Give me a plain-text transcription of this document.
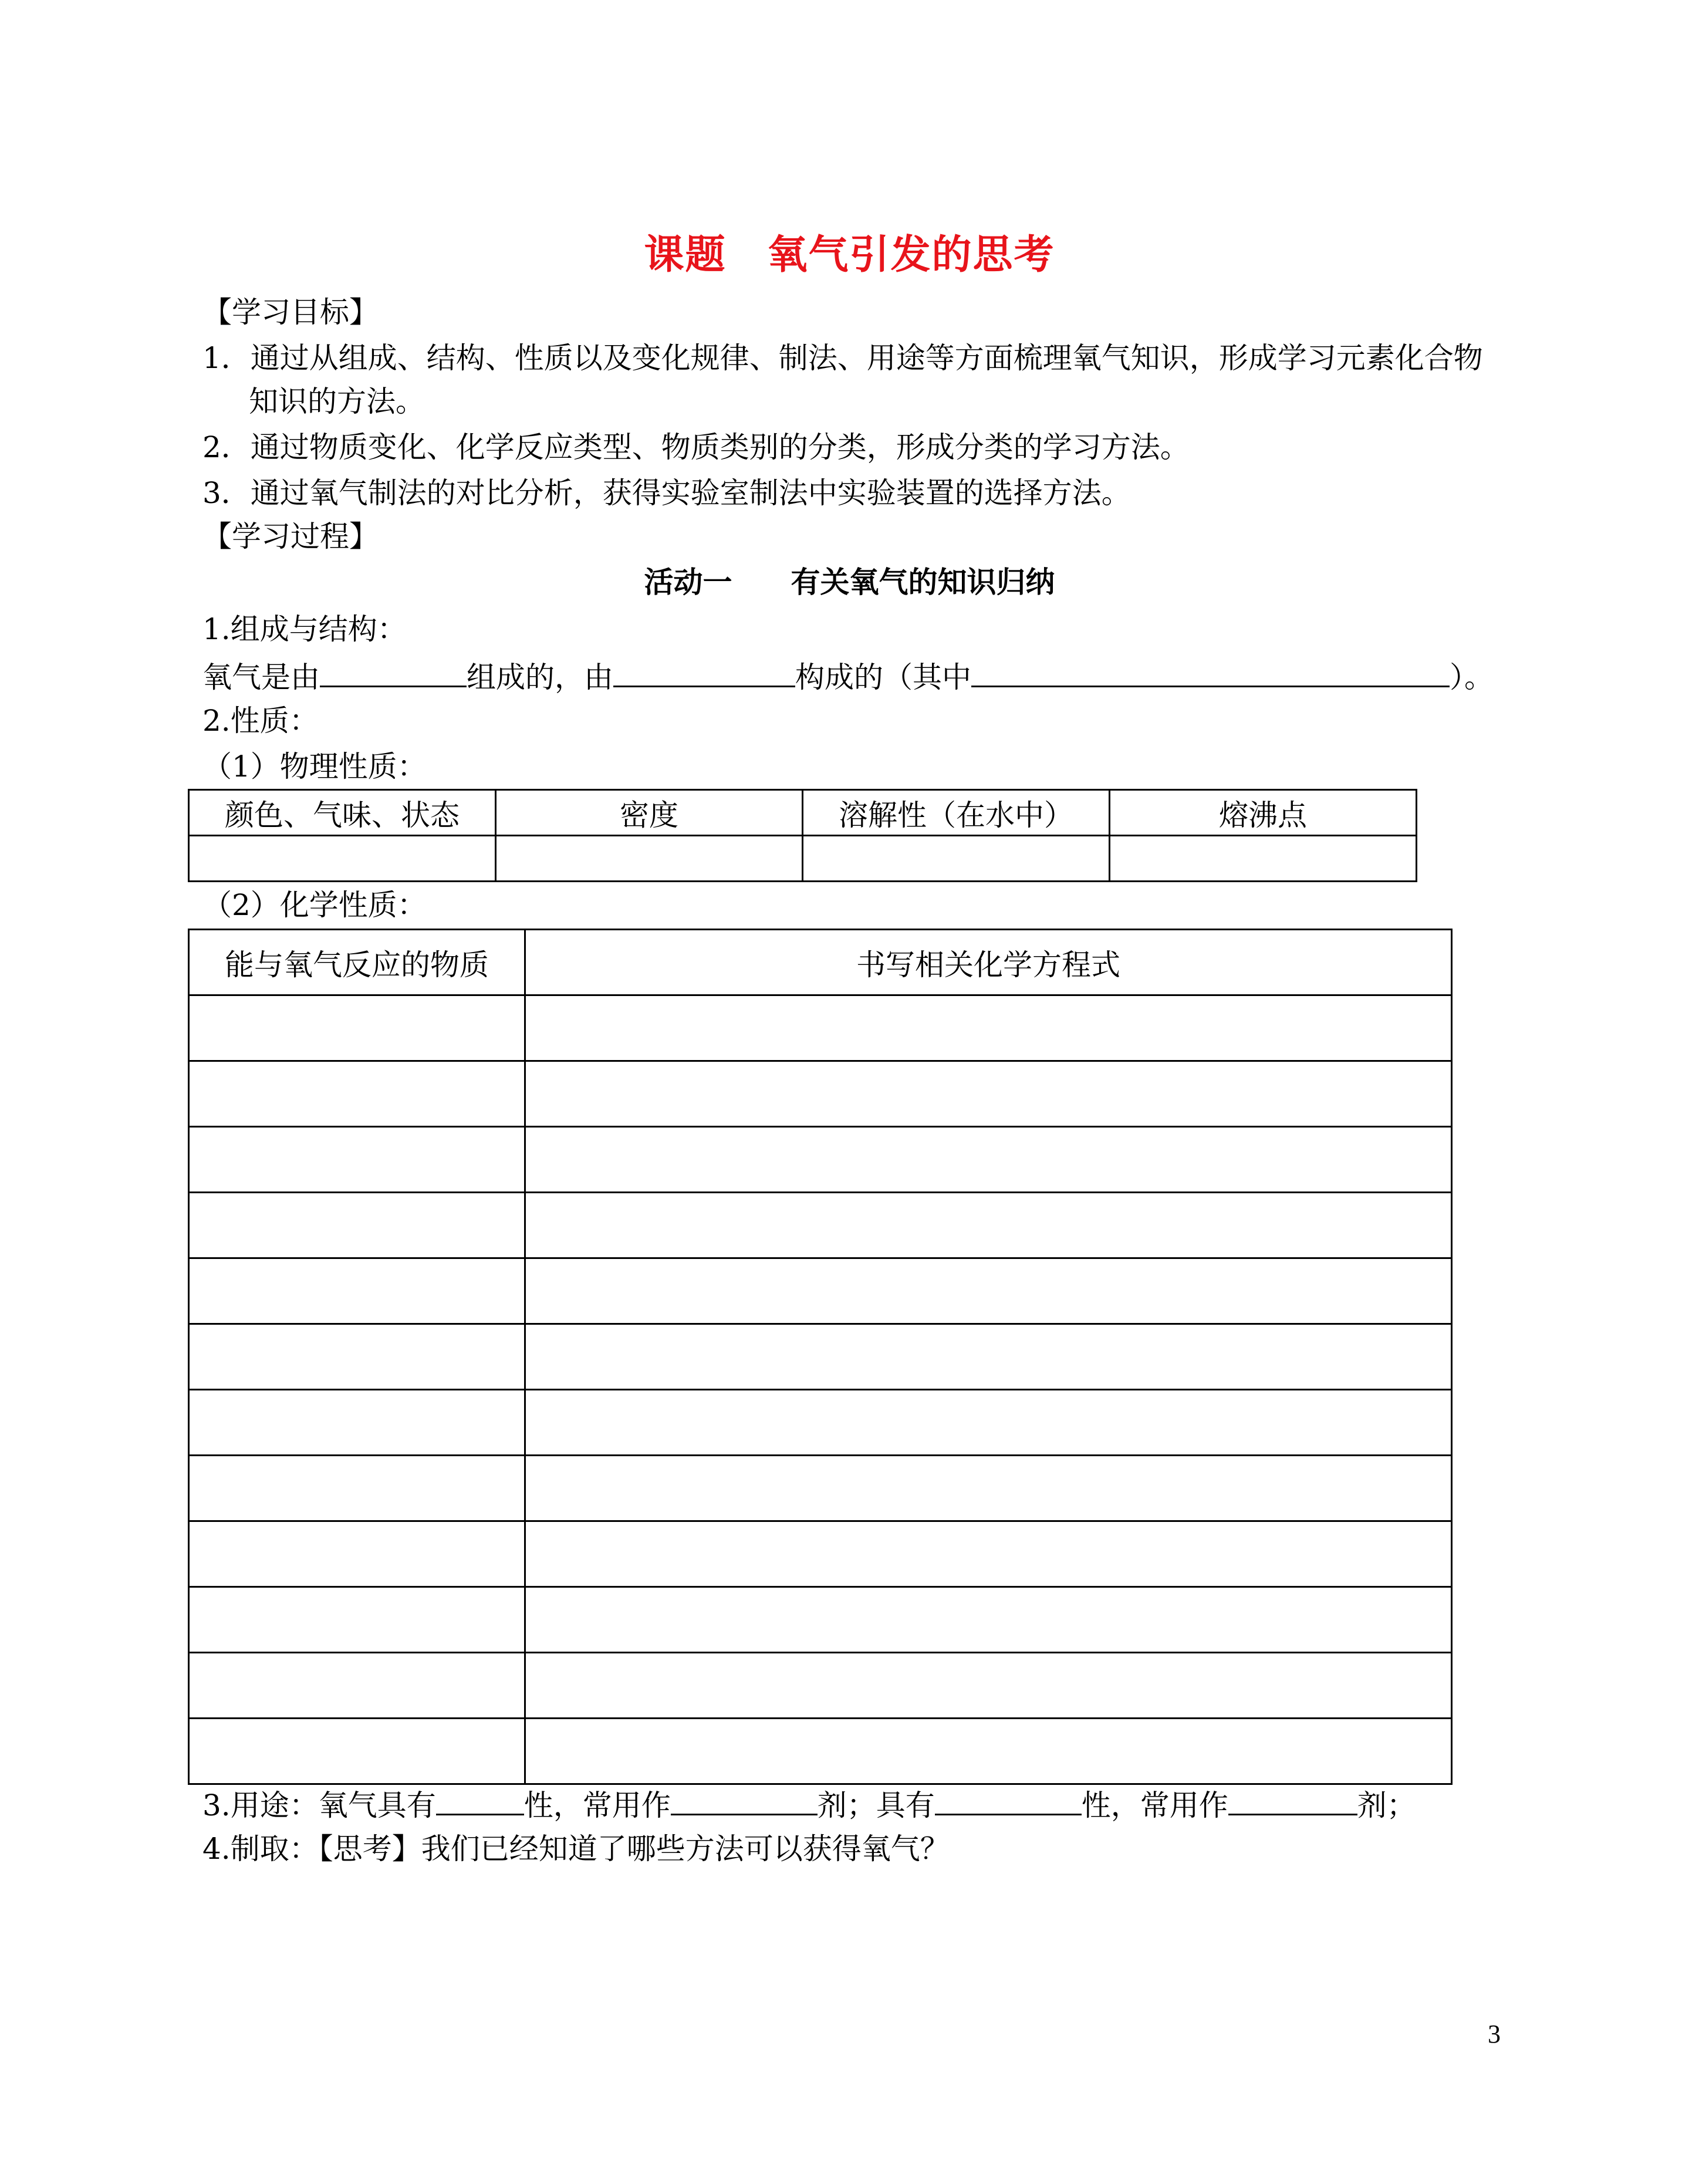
课题　氧气引发的思考
【学习目标】
1．通过从组成、结构、性质以及变化规律、制法、用途等方面梳理氧气知识，形成学习元素化合物
知识的方法。
2．通过物质变化、化学反应类型、物质类别的分类，形成分类的学习方法。
3．通过氧气制法的对比分析，获得实验室制法中实验装置的选择方法。
【学习过程】
活动一　　有关氧气的知识归纳
1.组成与结构：
氧气是由	组成的，由	构成的（其中	）。
2.性质：
（1）物理性质：
颜色、气味、状态	密度	溶解性（在水中）	熔沸点

（2）化学性质：
能与氧气反应的物质	书写相关化学方程式

3.用途：氧气具有	性，常用作	剂；具有	性，常用作	剂；
4.制取：【思考】我们已经知道了哪些方法可以获得氧气？
3
